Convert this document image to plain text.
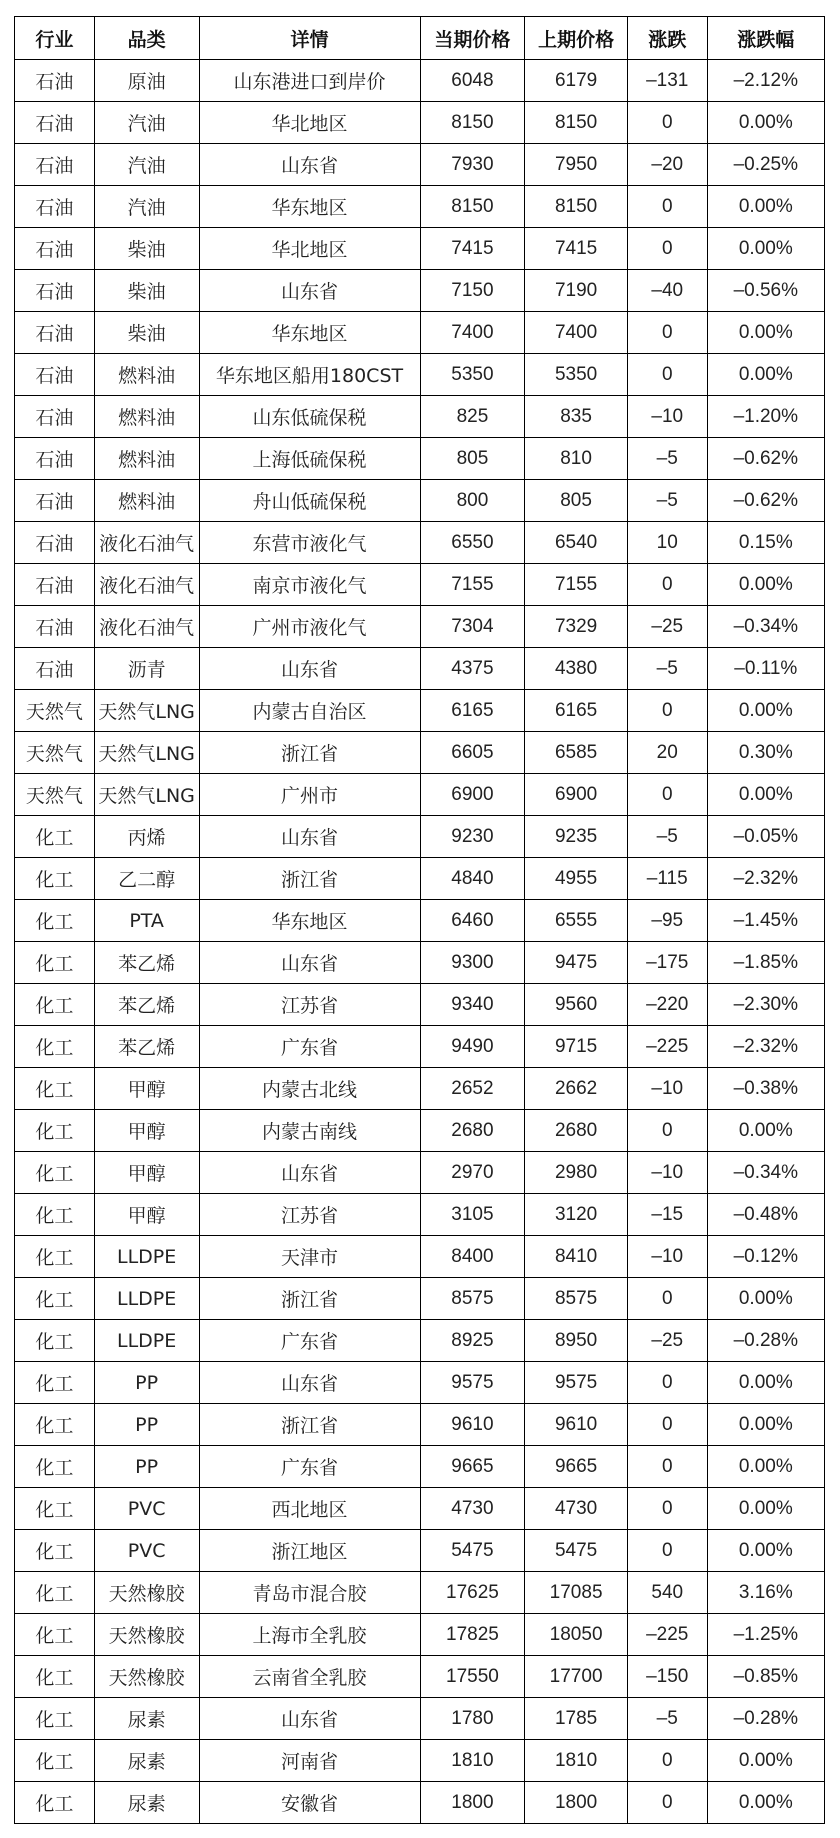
行业	品类	详情	当期价格	上期价格	涨跌	涨跌幅
石油	原油	山东港进口到岸价	6048	6179	–131	–2.12%
石油	汽油	华北地区	8150	8150	0	0.00%
石油	汽油	山东省	7930	7950	–20	–0.25%
石油	汽油	华东地区	8150	8150	0	0.00%
石油	柴油	华北地区	7415	7415	0	0.00%
石油	柴油	山东省	7150	7190	–40	–0.56%
石油	柴油	华东地区	7400	7400	0	0.00%
石油	燃料油	华东地区船用180CST	5350	5350	0	0.00%
石油	燃料油	山东低硫保税	825	835	–10	–1.20%
石油	燃料油	上海低硫保税	805	810	–5	–0.62%
石油	燃料油	舟山低硫保税	800	805	–5	–0.62%
石油	液化石油气	东营市液化气	6550	6540	10	0.15%
石油	液化石油气	南京市液化气	7155	7155	0	0.00%
石油	液化石油气	广州市液化气	7304	7329	–25	–0.34%
石油	沥青	山东省	4375	4380	–5	–0.11%
天然气	天然气LNG	内蒙古自治区	6165	6165	0	0.00%
天然气	天然气LNG	浙江省	6605	6585	20	0.30%
天然气	天然气LNG	广州市	6900	6900	0	0.00%
化工	丙烯	山东省	9230	9235	–5	–0.05%
化工	乙二醇	浙江省	4840	4955	–115	–2.32%
化工	PTA	华东地区	6460	6555	–95	–1.45%
化工	苯乙烯	山东省	9300	9475	–175	–1.85%
化工	苯乙烯	江苏省	9340	9560	–220	–2.30%
化工	苯乙烯	广东省	9490	9715	–225	–2.32%
化工	甲醇	内蒙古北线	2652	2662	–10	–0.38%
化工	甲醇	内蒙古南线	2680	2680	0	0.00%
化工	甲醇	山东省	2970	2980	–10	–0.34%
化工	甲醇	江苏省	3105	3120	–15	–0.48%
化工	LLDPE	天津市	8400	8410	–10	–0.12%
化工	LLDPE	浙江省	8575	8575	0	0.00%
化工	LLDPE	广东省	8925	8950	–25	–0.28%
化工	PP	山东省	9575	9575	0	0.00%
化工	PP	浙江省	9610	9610	0	0.00%
化工	PP	广东省	9665	9665	0	0.00%
化工	PVC	西北地区	4730	4730	0	0.00%
化工	PVC	浙江地区	5475	5475	0	0.00%
化工	天然橡胶	青岛市混合胶	17625	17085	540	3.16%
化工	天然橡胶	上海市全乳胶	17825	18050	–225	–1.25%
化工	天然橡胶	云南省全乳胶	17550	17700	–150	–0.85%
化工	尿素	山东省	1780	1785	–5	–0.28%
化工	尿素	河南省	1810	1810	0	0.00%
化工	尿素	安徽省	1800	1800	0	0.00%
